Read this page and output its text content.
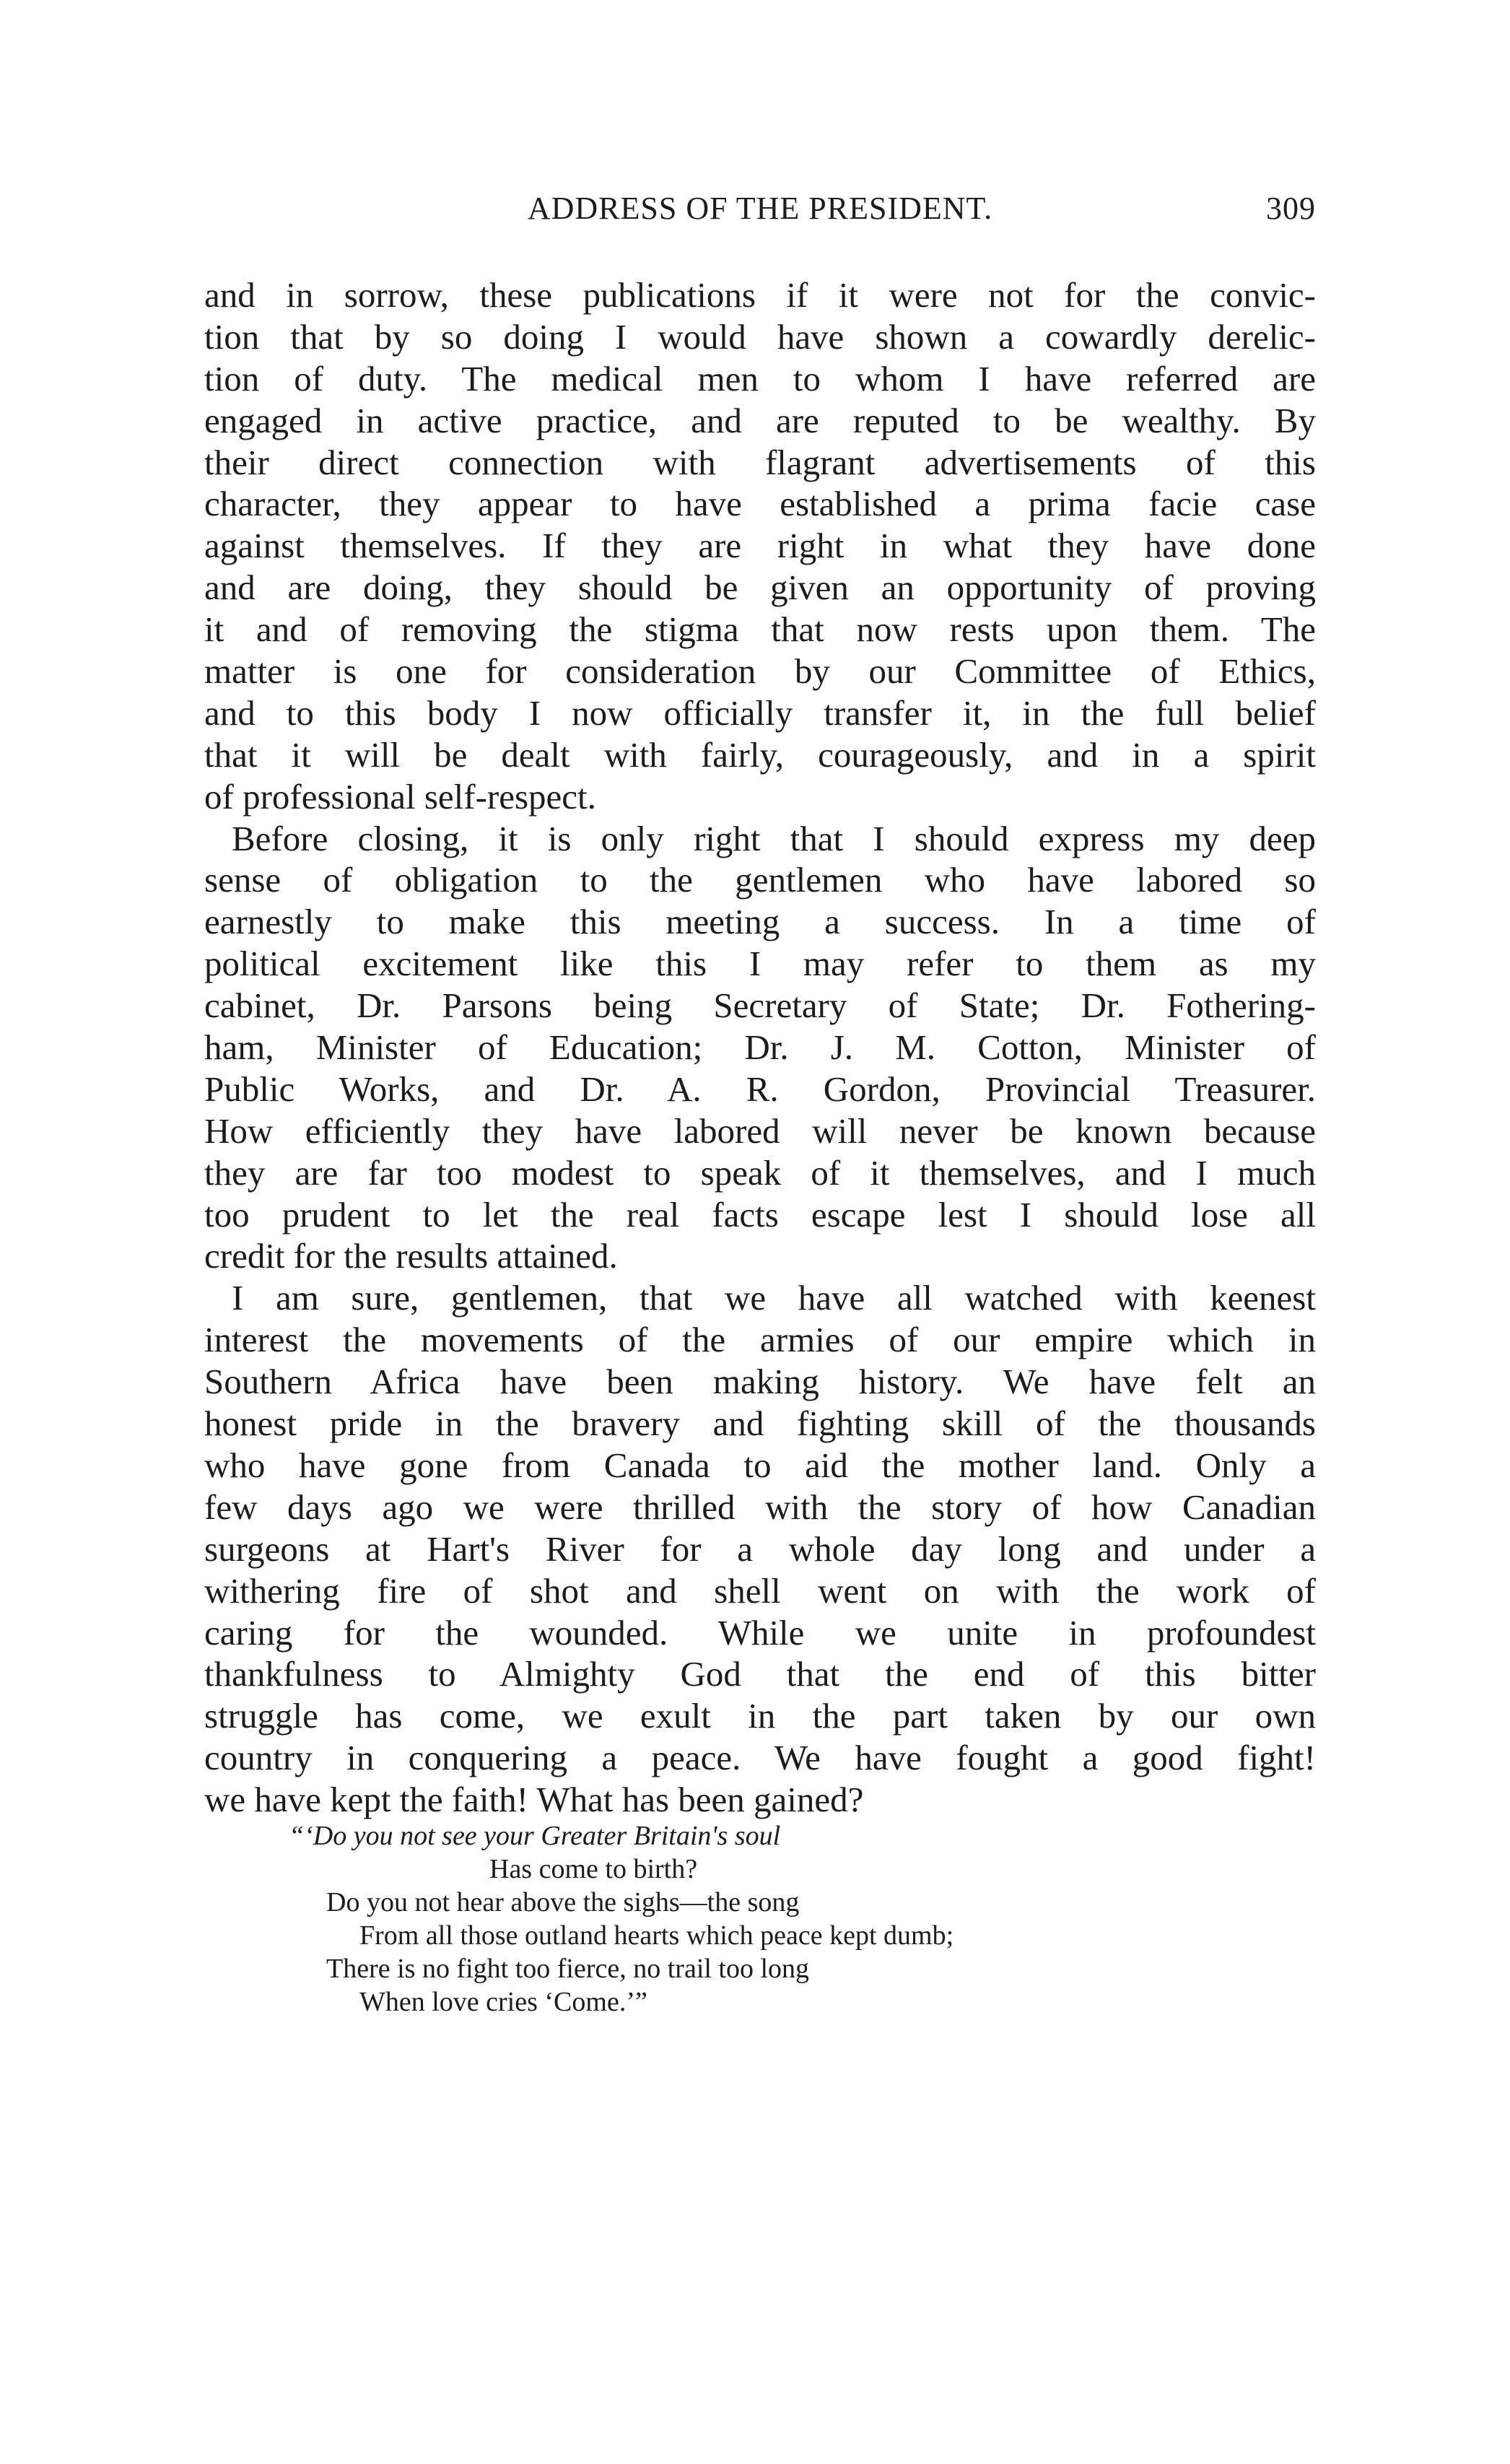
ADDRESS OF THE PRESIDENT.	309
and in sorrow, these publications if it were not for the convic-
tion that by so doing I would have shown a cowardly derelic-
tion of duty. The medical men to whom I have referred are
engaged in active practice, and are reputed to be wealthy. By
their direct connection with flagrant advertisements of this
character, they appear to have established a prima facie case
against themselves. If they are right in what they have done
and are doing, they should be given an opportunity of proving
it and of removing the stigma that now rests upon them. The
matter is one for consideration by our Committee of Ethics,
and to this body I now officially transfer it, in the full belief
that it will be dealt with fairly, courageously, and in a spirit
of professional self-respect.
Before closing, it is only right that I should express my deep
sense of obligation to the gentlemen who have labored so
earnestly to make this meeting a success. In a time of
political excitement like this I may refer to them as my
cabinet, Dr. Parsons being Secretary of State; Dr. Fothering-
ham, Minister of Education; Dr. J. M. Cotton, Minister of
Public Works, and Dr. A. R. Gordon, Provincial Treasurer.
How efficiently they have labored will never be known because
they are far too modest to speak of it themselves, and I much
too prudent to let the real facts escape lest I should lose all
credit for the results attained.
I am sure, gentlemen, that we have all watched with keenest
interest the movements of the armies of our empire which in
Southern Africa have been making history. We have felt an
honest pride in the bravery and fighting skill of the thousands
who have gone from Canada to aid the mother land. Only a
few days ago we were thrilled with the story of how Canadian
surgeons at Hart's River for a whole day long and under a
withering fire of shot and shell went on with the work of
caring for the wounded. While we unite in profoundest
thankfulness to Almighty God that the end of this bitter
struggle has come, we exult in the part taken by our own
country in conquering a peace. We have fought a good fight!
we have kept the faith! What has been gained?
“‘Do you not see your Greater Britain's soul
Has come to birth?
Do you not hear above the sighs—the song
From all those outland hearts which peace kept dumb;
There is no fight too fierce, no trail too long
When love cries ‘Come.’”
